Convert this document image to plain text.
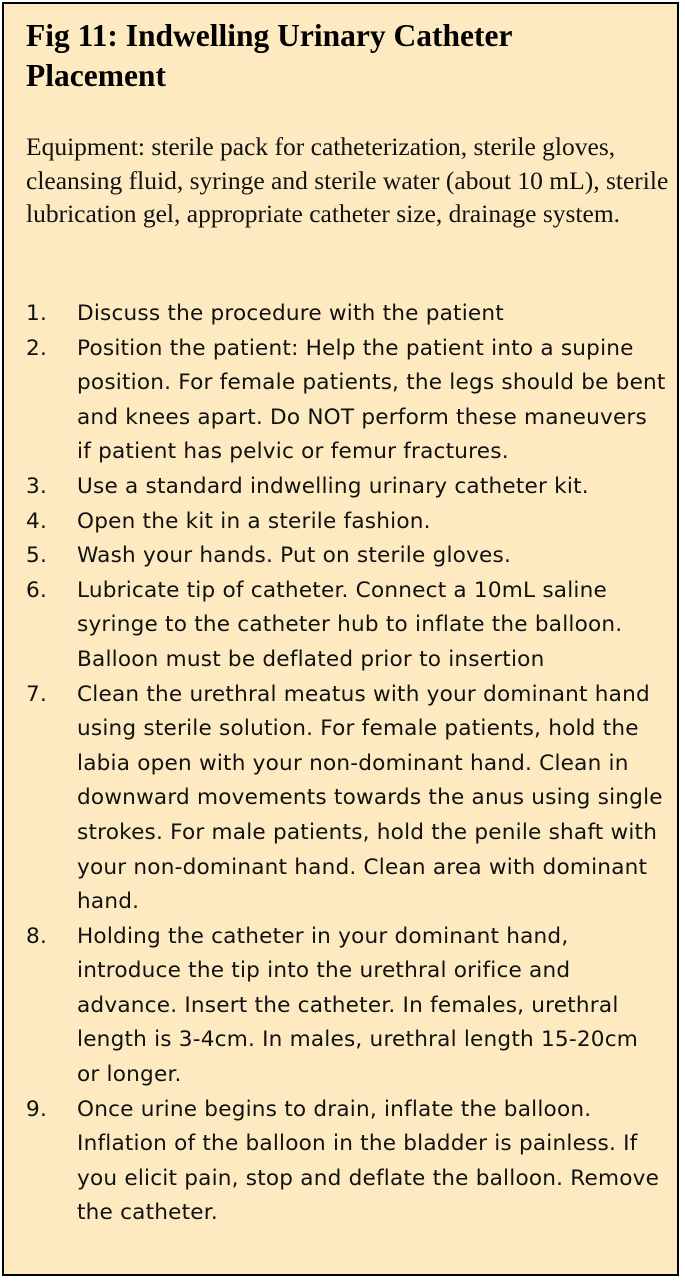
Fig 11: Indwelling Urinary Catheter Placement

Equipment: sterile pack for catheterization, sterile gloves, cleansing fluid, syringe and sterile water (about 10 mL), sterile lubrication gel, appropriate catheter size, drainage system.

1.	Discuss the procedure with the patient
2.	Position the patient: Help the patient into a supine position. For female patients, the legs should be bent and knees apart. Do NOT perform these maneuvers if patient has pelvic or femur fractures.
3.	Use a standard indwelling urinary catheter kit.
4.	Open the kit in a sterile fashion.
5.	Wash your hands. Put on sterile gloves.
6.	Lubricate tip of catheter. Connect a 10mL saline syringe to the catheter hub to inflate the balloon. Balloon must be deflated prior to insertion
7.	Clean the urethral meatus with your dominant hand using sterile solution. For female patients, hold the labia open with your non-dominant hand. Clean in downward movements towards the anus using single strokes. For male patients, hold the penile shaft with your non-dominant hand. Clean area with dominant hand.
8.	Holding the catheter in your dominant hand, introduce the tip into the urethral orifice and advance. Insert the catheter. In females, urethral length is 3-4cm. In males, urethral length 15-20cm or longer.
9.	Once urine begins to drain, inflate the balloon. Inflation of the balloon in the bladder is painless. If you elicit pain, stop and deflate the balloon. Remove the catheter.
